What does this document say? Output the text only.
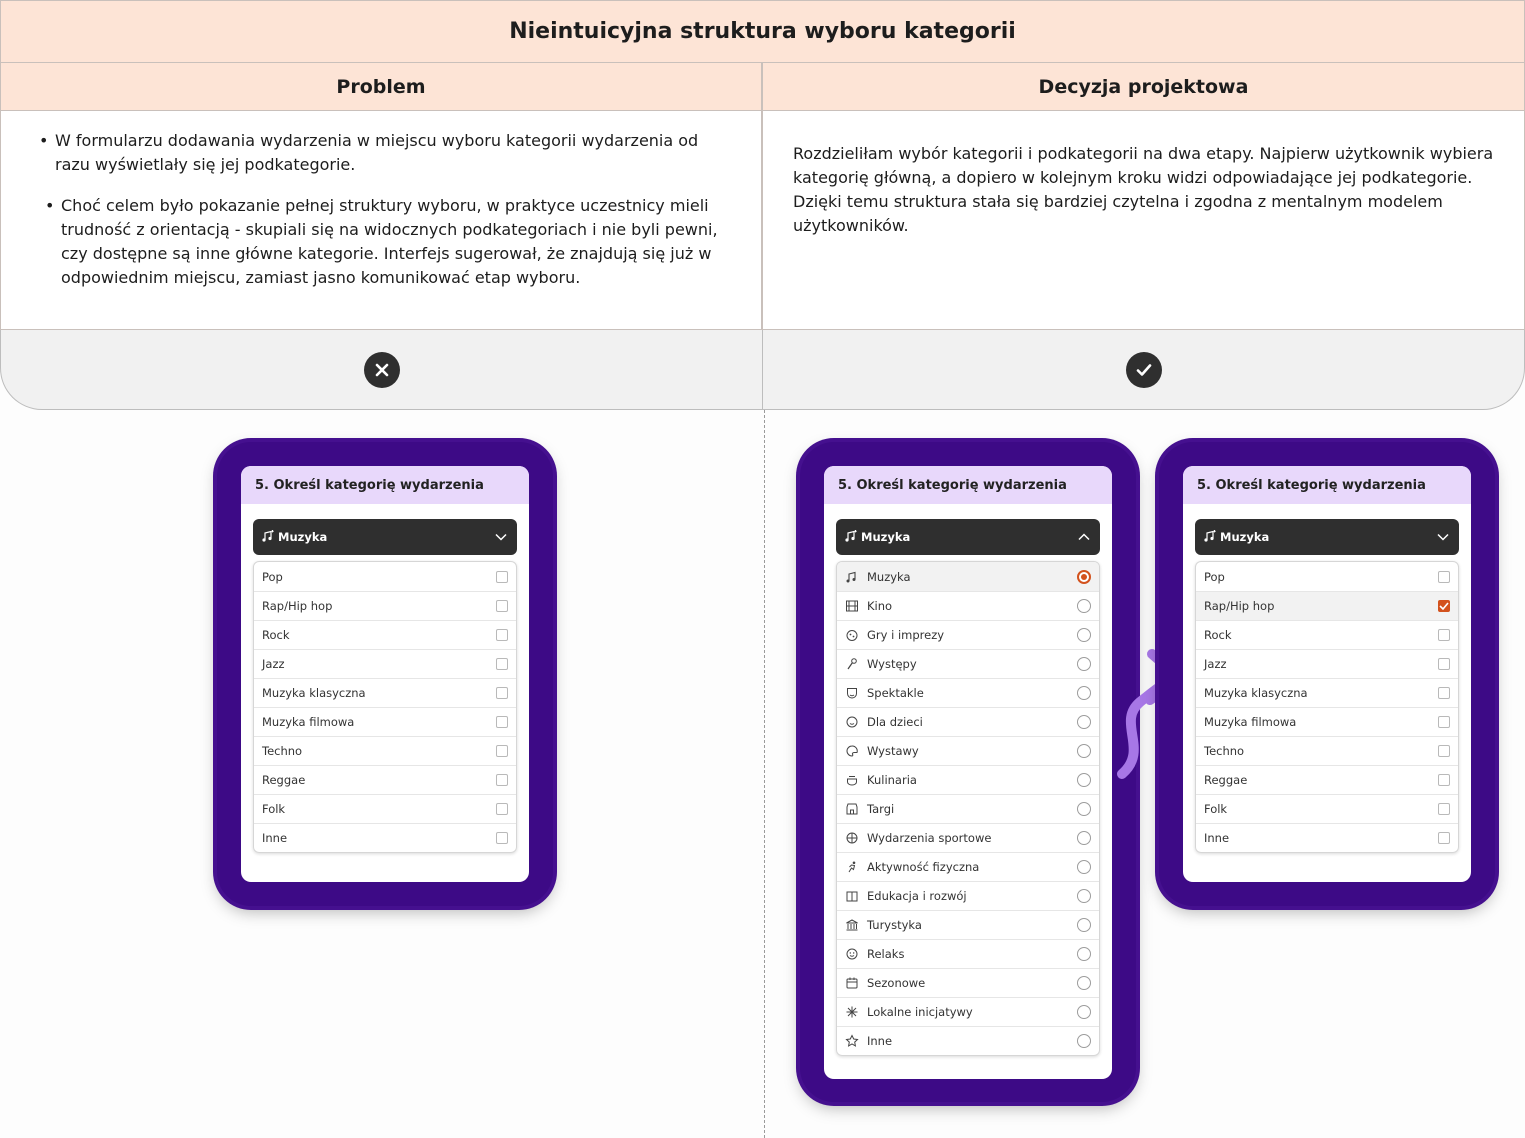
Nieintuicyjna struktura wyboru kategorii
Problem	Decyzja projektowa
• W formularzu dodawania wydarzenia w miejscu wyboru kategorii wydarzenia od razu wyświetlały się jej podkategorie.
• Choć celem było pokazanie pełnej struktury wyboru, w praktyce uczestnicy mieli trudność z orientacją - skupiali się na widocznych podkategoriach i nie byli pewni, czy dostępne są inne główne kategorie. Interfejs sugerował, że znajdują się już w odpowiednim miejscu, zamiast jasno komunikować etap wyboru.

Rozdzieliłam wybór kategorii i podkategorii na dwa etapy. Najpierw użytkownik wybiera kategorię główną, a dopiero w kolejnym kroku widzi odpowiadające jej podkategorie. Dzięki temu struktura stała się bardziej czytelna i zgodna z mentalnym modelem użytkowników.

5. Określ kategorię wydarzenia
Muzyka
Pop
Rap/Hip hop
Rock
Jazz
Muzyka klasyczna
Muzyka filmowa
Techno
Reggae
Folk
Inne
5. Określ kategorię wydarzenia
Muzyka
Muzyka
Kino
Gry i imprezy
Występy
Spektakle
Dla dzieci
Wystawy
Kulinaria
Targi
Wydarzenia sportowe
Aktywność fizyczna
Edukacja i rozwój
Turystyka
Relaks
Sezonowe
Lokalne inicjatywy
Inne
5. Określ kategorię wydarzenia
Muzyka
Pop
Rap/Hip hop
Rock
Jazz
Muzyka klasyczna
Muzyka filmowa
Techno
Reggae
Folk
Inne
